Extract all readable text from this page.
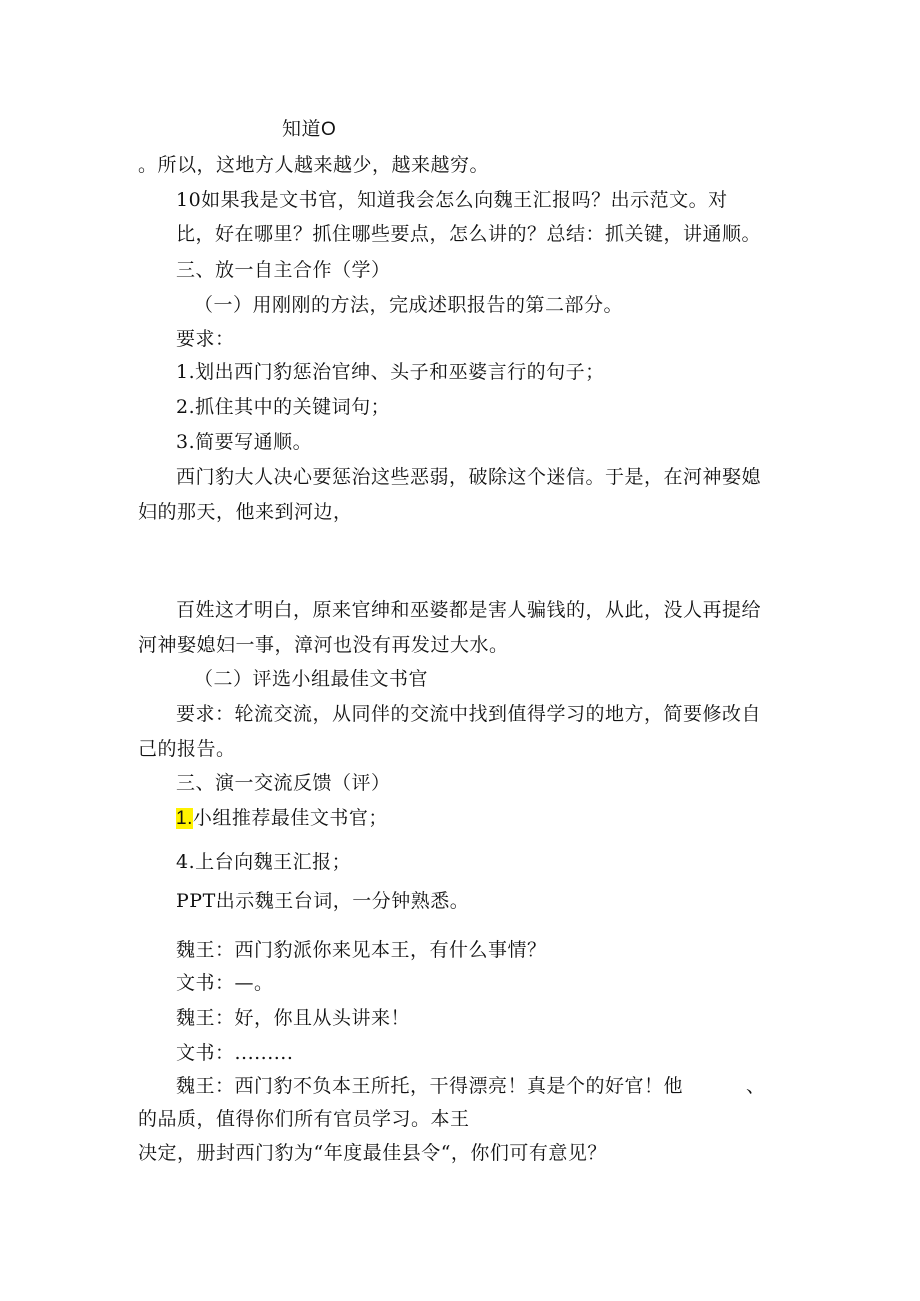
知道O
。所以，这地方人越来越少，越来越穷。
10如果我是文书官，知道我会怎么向魏王汇报吗？出示范文。对
比，好在哪里？抓住哪些要点，怎么讲的？总结：抓关键，讲通顺。
三、放一自主合作（学）
（一）用刚刚的方法，完成述职报告的第二部分。
要求：
1.划出西门豹惩治官绅、头子和巫婆言行的句子；
2.抓住其中的关键词句；
3.简要写通顺。
西门豹大人决心要惩治这些恶弱，破除这个迷信。于是，在河神娶媳
妇的那天，他来到河边，
百姓这才明白，原来官绅和巫婆都是害人骗钱的，从此，没人再提给
河神娶媳妇一事，漳河也没有再发过大水。
（二）评选小组最佳文书官
要求：轮流交流，从同伴的交流中找到值得学习的地方，简要修改自
己的报告。
三、演一交流反馈（评）
1.小组推荐最佳文书官；
4.上台向魏王汇报；
PPT出示魏王台词，一分钟熟悉。
魏王：西门豹派你来见本王，有什么事情？
文书：—。
魏王：好，你且从头讲来！
文书：.........
魏王：西门豹不负本王所托，干得漂亮！真是个的好官！他	、
的品质，值得你们所有官员学习。本王
决定，册封西门豹为“年度最佳县令“，你们可有意见？
